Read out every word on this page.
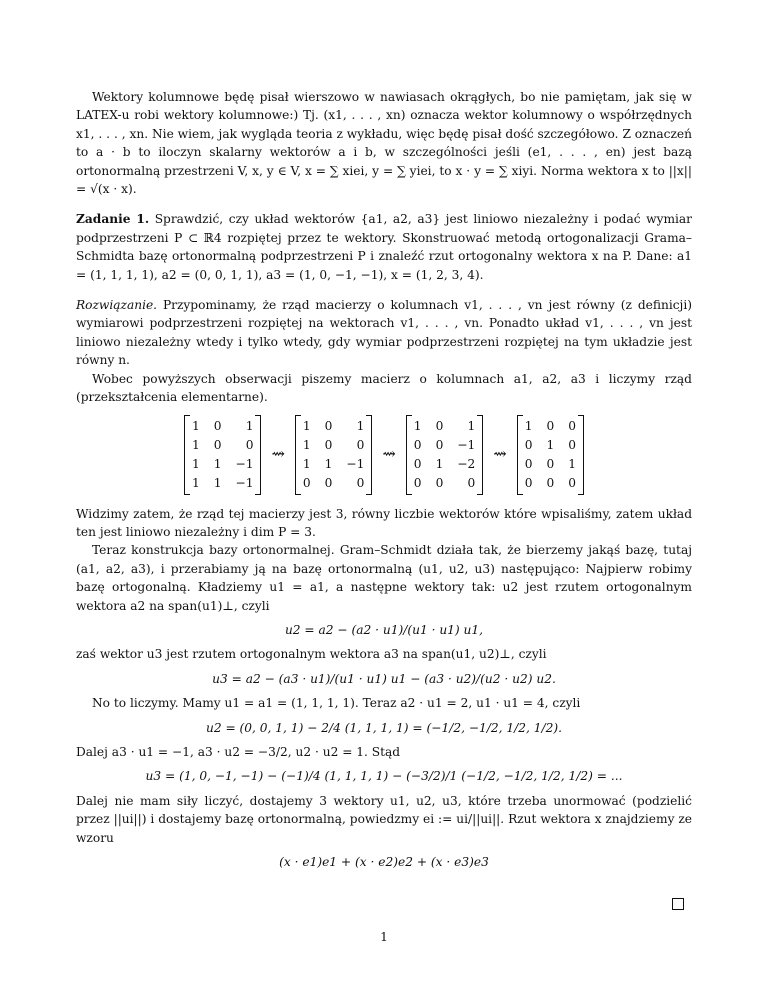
Wektory kolumnowe będę pisał wierszowo w nawiasach okrągłych, bo nie pamiętam, jak się w LATEX-u robi wektory kolumnowe:) Tj. (x1, . . . , xn) oznacza wektor kolumnowy o współrzędnych x1, . . . , xn. Nie wiem, jak wygląda teoria z wykładu, więc będę pisał dość szczegółowo. Z oznaczeń to a · b to iloczyn skalarny wektorów a i b, w szczególności jeśli (e1, . . . , en) jest bazą ortonormalną przestrzeni V, x, y ∈ V, x = ∑ xiei, y = ∑ yiei, to x · y = ∑ xiyi. Norma wektora x to ||x|| = √(x · x).

Zadanie 1. Sprawdzić, czy układ wektorów {a1, a2, a3} jest liniowo niezależny i podać wymiar podprzestrzeni P ⊂ ℝ4 rozpiętej przez te wektory. Skonstruować metodą ortogonalizacji Grama–Schmidta bazę ortonormalną podprzestrzeni P i znaleźć rzut ortogonalny wektora x na P. Dane: a1 = (1, 1, 1, 1), a2 = (0, 0, 1, 1), a3 = (1, 0, −1, −1), x = (1, 2, 3, 4).

Rozwiązanie. Przypominamy, że rząd macierzy o kolumnach v1, . . . , vn jest równy (z definicji) wymiarowi podprzestrzeni rozpiętej na wektorach v1, . . . , vn. Ponadto układ v1, . . . , vn jest liniowo niezależny wtedy i tylko wtedy, gdy wymiar podprzestrzeni rozpiętej na tym układzie jest równy n.

Wobec powyższych obserwacji piszemy macierz o kolumnach a1, a2, a3 i liczymy rząd (przekształcenia elementarne).

1 0	1
1 0	0
1 1 −1
1 1 −1
⇝
1 0	1
1 0	0
1 1 −1
0 0	0
⇝
1 0	1
0 0 −1
0 1 −2
0 0	0
⇝
1 0 0
0 1 0
0 0 1
0 0 0

Widzimy zatem, że rząd tej macierzy jest 3, równy liczbie wektorów które wpisaliśmy, zatem układ ten jest liniowo niezależny i dim P = 3.

Teraz konstrukcja bazy ortonormalnej. Gram–Schmidt działa tak, że bierzemy jakąś bazę, tutaj (a1, a2, a3), i przerabiamy ją na bazę ortonormalną (u1, u2, u3) następująco: Najpierw robimy bazę ortogonalną. Kładziemy u1 = a1, a następne wektory tak: u2 jest rzutem ortogonalnym wektora a2 na span(u1)⊥, czyli

u2 = a2 − (a2 · u1)/(u1 · u1) u1,

zaś wektor u3 jest rzutem ortogonalnym wektora a3 na span(u1, u2)⊥, czyli

u3 = a2 − (a3 · u1)/(u1 · u1) u1 − (a3 · u2)/(u2 · u2) u2.

No to liczymy. Mamy u1 = a1 = (1, 1, 1, 1). Teraz a2 · u1 = 2, u1 · u1 = 4, czyli

u2 = (0, 0, 1, 1) − 2/4 (1, 1, 1, 1) = (−1/2, −1/2, 1/2, 1/2).

Dalej a3 · u1 = −1, a3 · u2 = −3/2, u2 · u2 = 1. Stąd

u3 = (1, 0, −1, −1) − (−1)/4 (1, 1, 1, 1) − (−3/2)/1 (−1/2, −1/2, 1/2, 1/2) = ...

Dalej nie mam siły liczyć, dostajemy 3 wektory u1, u2, u3, które trzeba unormować (podzielić przez ||ui||) i dostajemy bazę ortonormalną, powiedzmy ei := ui/||ui||. Rzut wektora x znajdziemy ze wzoru

(x · e1)e1 + (x · e2)e2 + (x · e3)e3
1
